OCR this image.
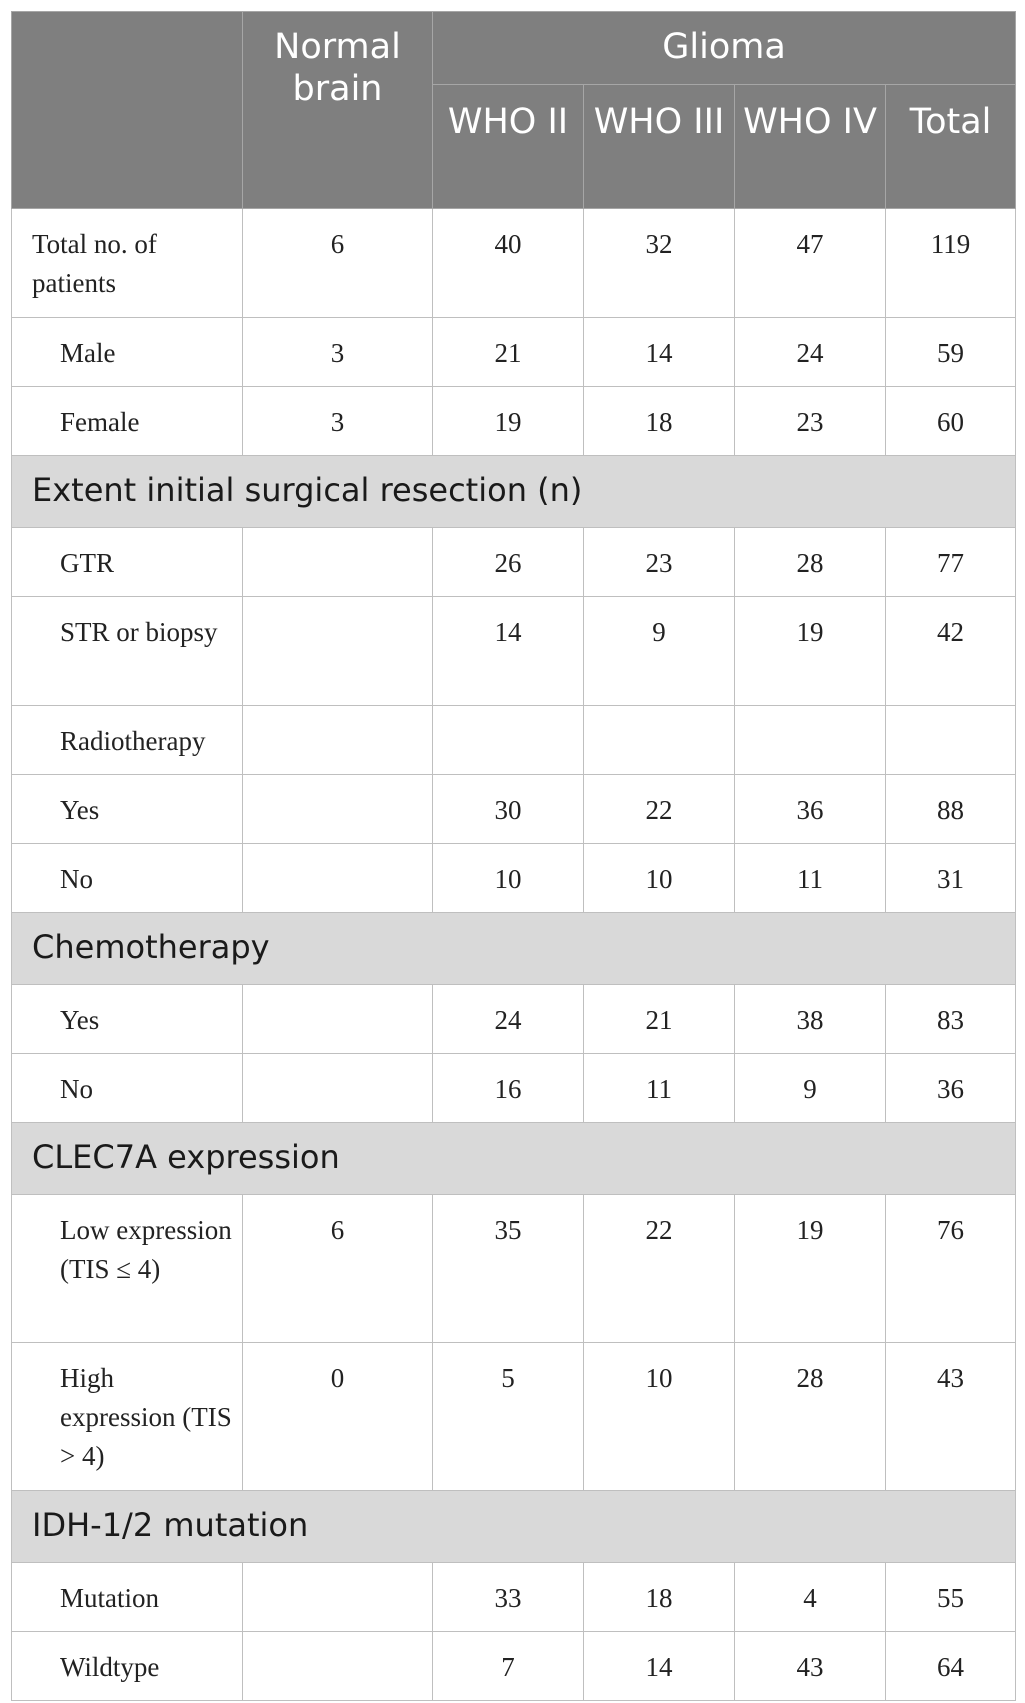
	Normal brain	Glioma			
		WHO II	WHO III	WHO IV	Total
Total no. of patients	6	40	32	47	119
Male	3	21	14	24	59
Female	3	19	18	23	60
Extent initial surgical resection (n)					
GTR		26	23	28	77
STR or biopsy		14	9	19	42
Radiotherapy					
Yes		30	22	36	88
No		10	10	11	31
Chemotherapy					
Yes		24	21	38	83
No		16	11	9	36
CLEC7A expression					
Low expression (TIS ≤ 4)	6	35	22	19	76
High expression (TIS > 4)	0	5	10	28	43
IDH-1/2 mutation					
Mutation		33	18	4	55
Wildtype		7	14	43	64
